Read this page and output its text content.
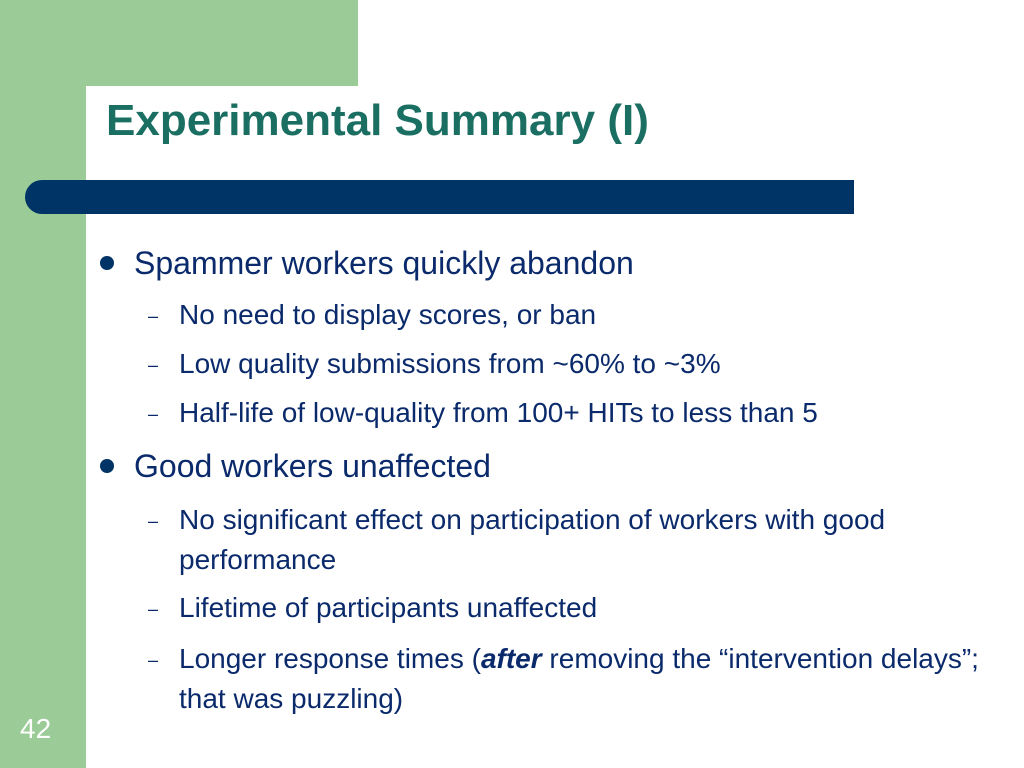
Experimental Summary (I)
Spammer workers quickly abandon
– No need to display scores, or ban
– Low quality submissions from ~60% to ~3%
– Half-life of low-quality from 100+ HITs to less than 5
Good workers unaffected
– No significant effect on participation of workers with good performance
– Lifetime of participants unaffected
– Longer response times (after removing the “intervention delays”; that was puzzling)
42
